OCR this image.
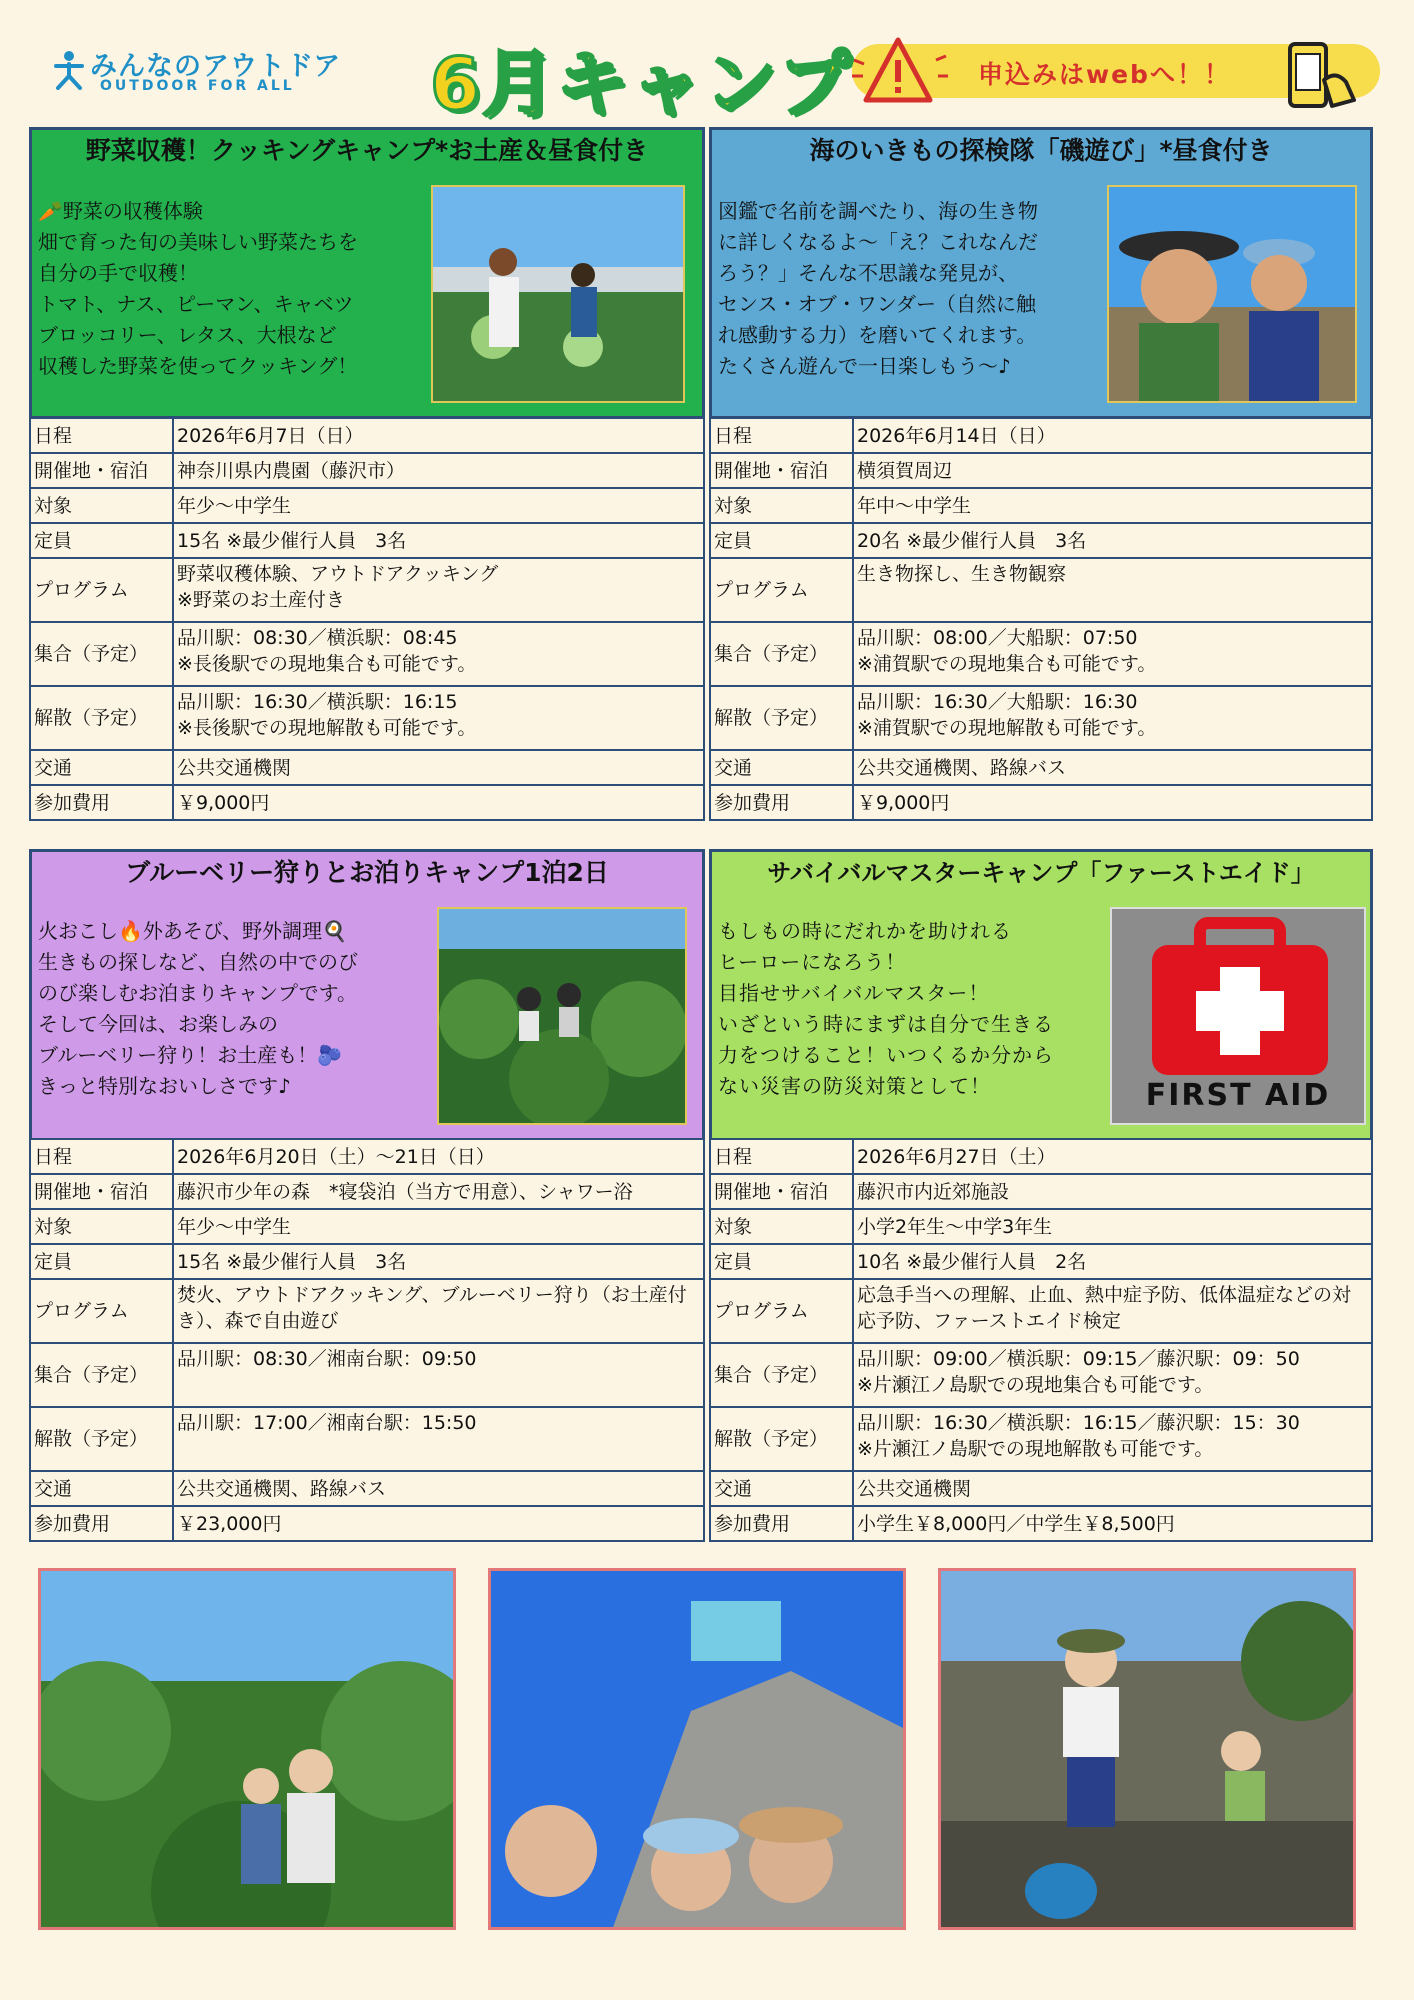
みんなのアウトドア
OUTDOOR FOR ALL 6月キャンプ	申込みはwebへ！！
野菜収穫！クッキングキャンプ*お土産＆昼食付き
🥕野菜の収穫体験
畑で育った旬の美味しい野菜たちを
自分の手で収穫！
トマト、ナス、ピーマン、キャベツ
ブロッコリー、レタス、大根など
収穫した野菜を使ってクッキング！
日程	2026年6月7日（日）
開催地・宿泊	神奈川県内農園（藤沢市）
対象	年少～中学生
定員	15名 ※最少催行人員　3名
プログラム	野菜収穫体験、アウトドアクッキング
※野菜のお土産付き
集合（予定）	品川駅：08:30／横浜駅：08:45
※長後駅での現地集合も可能です。
解散（予定）	品川駅：16:30／横浜駅：16:15
※長後駅での現地解散も可能です。
交通	公共交通機関
参加費用	￥9,000円
海のいきもの探検隊「磯遊び」*昼食付き
図鑑で名前を調べたり、海の生き物
に詳しくなるよ～「え？これなんだ
ろう？」そんな不思議な発見が、
センス・オブ・ワンダー（自然に触
れ感動する力）を磨いてくれます。
たくさん遊んで一日楽しもう～♪
日程	2026年6月14日（日）
開催地・宿泊	横須賀周辺
対象	年中～中学生
定員	20名 ※最少催行人員　3名
プログラム	生き物探し、生き物観察
集合（予定）	品川駅：08:00／大船駅：07:50
※浦賀駅での現地集合も可能です。
解散（予定）	品川駅：16:30／大船駅：16:30
※浦賀駅での現地解散も可能です。
交通	公共交通機関、路線バス
参加費用	￥9,000円
ブルーベリー狩りとお泊りキャンプ1泊2日
火おこし🔥外あそび、野外調理🍳
生きもの探しなど、自然の中でのび
のび楽しむお泊まりキャンプです。
そして今回は、お楽しみの
ブルーベリー狩り！お土産も！🫐
きっと特別なおいしさです♪
日程	2026年6月20日（土）～21日（日）
開催地・宿泊	藤沢市少年の森　*寝袋泊（当方で用意）、シャワー浴
対象	年少～中学生
定員	15名 ※最少催行人員　3名
プログラム	焚火、アウトドアクッキング、ブルーベリー狩り（お土産付き）、森で自由遊び
集合（予定）	品川駅：08:30／湘南台駅：09:50
解散（予定）	品川駅：17:00／湘南台駅：15:50
交通	公共交通機関、路線バス
参加費用	￥23,000円
サバイバルマスターキャンプ「ファーストエイド」
もしもの時にだれかを助けれる
ヒーローになろう！
目指せサバイバルマスター！
いざという時にまずは自分で生きる
力をつけること！いつくるか分から
ない災害の防災対策として！	FIRST AID
日程	2026年6月27日（土）
開催地・宿泊	藤沢市内近郊施設
対象	小学2年生～中学3年生
定員	10名 ※最少催行人員　2名
プログラム	応急手当への理解、止血、熱中症予防、低体温症などの対応予防、ファーストエイド検定
集合（予定）	品川駅：09:00／横浜駅：09:15／藤沢駅：09：50
※片瀬江ノ島駅での現地集合も可能です。
解散（予定）	品川駅：16:30／横浜駅：16:15／藤沢駅：15：30
※片瀬江ノ島駅での現地解散も可能です。
交通	公共交通機関
参加費用	小学生￥8,000円／中学生￥8,500円
